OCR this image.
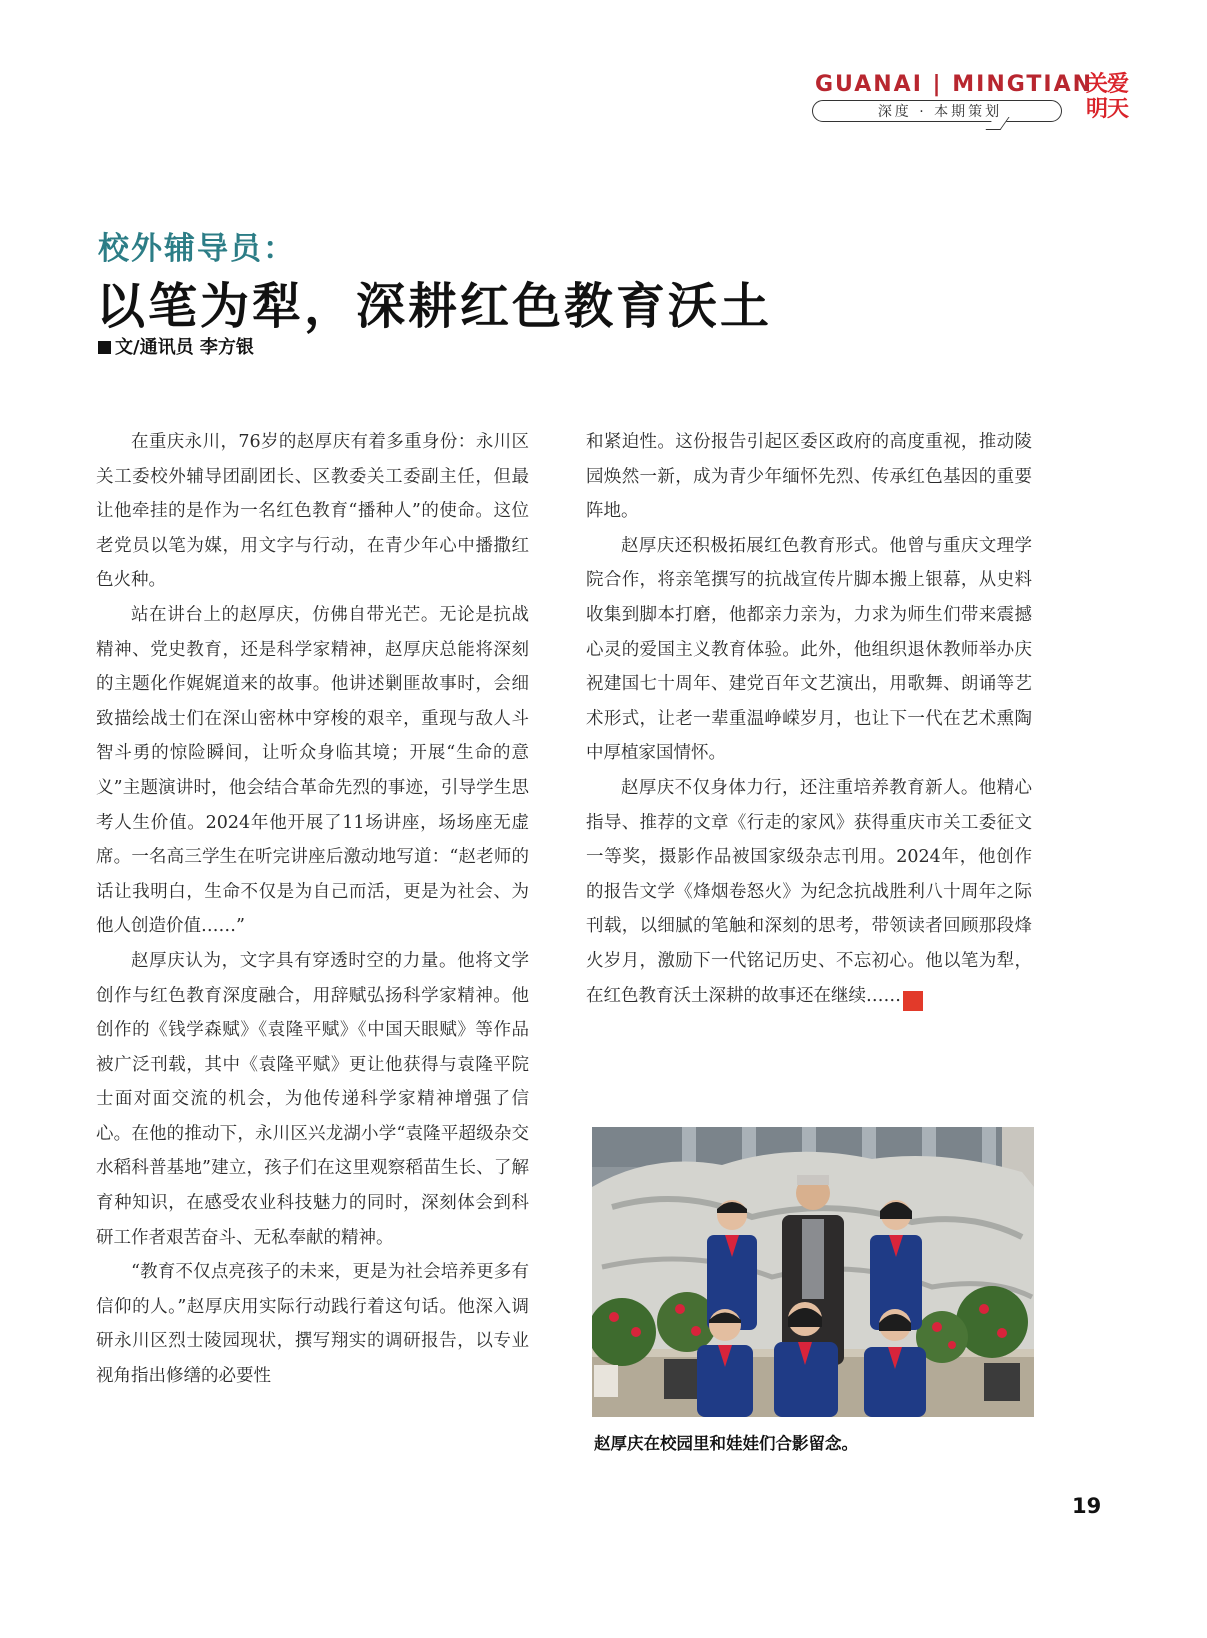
GUANAI | MINGTIAN
深度 · 本期策划
关爱
明天
校外辅导员：
以笔为犁，深耕红色教育沃土
文/通讯员 李方银

在重庆永川，76岁的赵厚庆有着多重身份：永川区关工委校外辅导团副团长、区教委关工委副主任，但最让他牵挂的是作为一名红色教育“播种人”的使命。这位老党员以笔为媒，用文字与行动，在青少年心中播撒红色火种。

站在讲台上的赵厚庆，仿佛自带光芒。无论是抗战精神、党史教育，还是科学家精神，赵厚庆总能将深刻的主题化作娓娓道来的故事。他讲述剿匪故事时，会细致描绘战士们在深山密林中穿梭的艰辛，重现与敌人斗智斗勇的惊险瞬间，让听众身临其境；开展“生命的意义”主题演讲时，他会结合革命先烈的事迹，引导学生思考人生价值。2024年他开展了11场讲座，场场座无虚席。一名高三学生在听完讲座后激动地写道：“赵老师的话让我明白，生命不仅是为自己而活，更是为社会、为他人创造价值……”

赵厚庆认为，文字具有穿透时空的力量。他将文学创作与红色教育深度融合，用辞赋弘扬科学家精神。他创作的《钱学森赋》《袁隆平赋》《中国天眼赋》等作品被广泛刊载，其中《袁隆平赋》更让他获得与袁隆平院士面对面交流的机会，为他传递科学家精神增强了信心。在他的推动下，永川区兴龙湖小学“袁隆平超级杂交水稻科普基地”建立，孩子们在这里观察稻苗生长、了解育种知识，在感受农业科技魅力的同时，深刻体会到科研工作者艰苦奋斗、无私奉献的精神。

“教育不仅点亮孩子的未来，更是为社会培养更多有信仰的人。”赵厚庆用实际行动践行着这句话。他深入调研永川区烈士陵园现状，撰写翔实的调研报告，以专业视角指出修缮的必要性

和紧迫性。这份报告引起区委区政府的高度重视，推动陵园焕然一新，成为青少年缅怀先烈、传承红色基因的重要阵地。

赵厚庆还积极拓展红色教育形式。他曾与重庆文理学院合作，将亲笔撰写的抗战宣传片脚本搬上银幕，从史料收集到脚本打磨，他都亲力亲为，力求为师生们带来震撼心灵的爱国主义教育体验。此外，他组织退休教师举办庆祝建国七十周年、建党百年文艺演出，用歌舞、朗诵等艺术形式，让老一辈重温峥嵘岁月，也让下一代在艺术熏陶中厚植家国情怀。

赵厚庆不仅身体力行，还注重培养教育新人。他精心指导、推荐的文章《行走的家风》获得重庆市关工委征文一等奖，摄影作品被国家级杂志刊用。2024年，他创作的报告文学《烽烟卷怒火》为纪念抗战胜利八十周年之际刊载，以细腻的笔触和深刻的思考，带领读者回顾那段烽火岁月，激励下一代铭记历史、不忘初心。他以笔为犁，在红色教育沃土深耕的故事还在继续……	关

赵厚庆在校园里和娃娃们合影留念。
19
